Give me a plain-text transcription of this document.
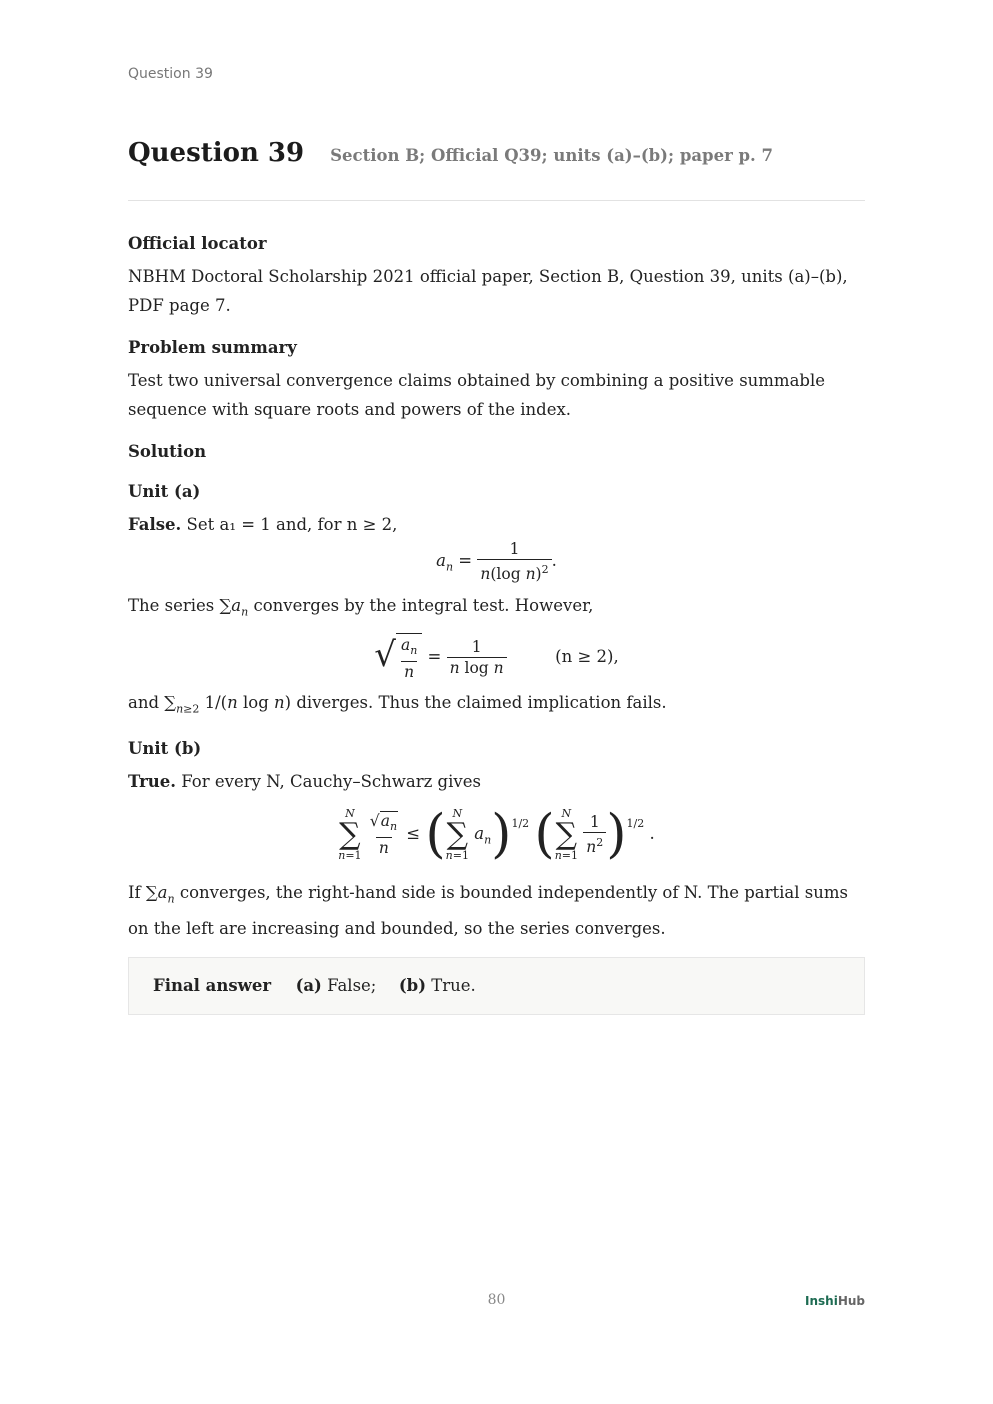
Question 39
Question 39 Section B; Official Q39; units (a)–(b); paper p. 7

Official locator

NBHM Doctoral Scholarship 2021 official paper, Section B, Question 39, units (a)–(b), PDF page 7.

Problem summary

Test two universal convergence claims obtained by combining a positive summable sequence with square roots and powers of the index.

Solution

Unit (a)

False. Set a₁ = 1 and, for n ≥ 2,

$a_n = \frac{1}{n(\log n)^2}$ .

The series $\sum a_n$ converges by the integral test. However,

√ $\frac{a_n}{n} = \frac{1}{\text{n log n}}$	(n ≥ 2),

and $\sum_{n\ge 2}$ 1/(n log n) diverges. Thus the claimed implication fails.

Unit (b)

True. For every N, Cauchy–Schwarz gives

N
∑
n=1
$\frac{√a_n}{n}$ ≤ ( N
∑
n=1
$a_n)^{1/2}$ ( N
∑
n=1
$\frac{1}{n^2} )^{1/2}$ .

If $\sum a_n$ converges, the right-hand side is bounded independently of N. The partial sums on the left are increasing and bounded, so the series converges.

Final answer (a) False; (b) True.
80	InshiHub
